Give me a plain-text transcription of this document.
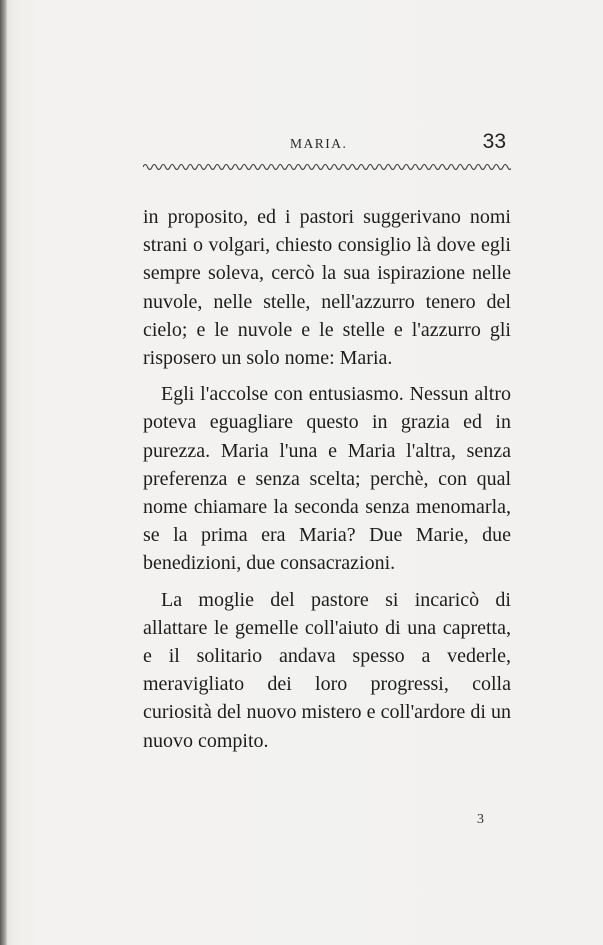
MARIA.	33

in proposito, ed i pastori suggerivano nomi strani o volgari, chiesto consiglio là dove egli sempre soleva, cercò la sua ispirazione nelle nuvole, nelle stelle, nell'azzurro tenero del cielo; e le nuvole e le stelle e l'azzurro gli risposero un solo nome: Maria.

Egli l'accolse con entusiasmo. Nessun altro poteva eguagliare questo in grazia ed in purezza. Maria l'una e Maria l'altra, senza preferenza e senza scelta; perchè, con qual nome chiamare la seconda senza menomarla, se la prima era Maria? Due Marie, due benedizioni, due consacrazioni.

La moglie del pastore si incaricò di allattare le gemelle coll'aiuto di una capretta, e il solitario andava spesso a vederle, meravigliato dei loro progressi, colla curiosità del nuovo mistero e coll'ardore di un nuovo compito.

3
